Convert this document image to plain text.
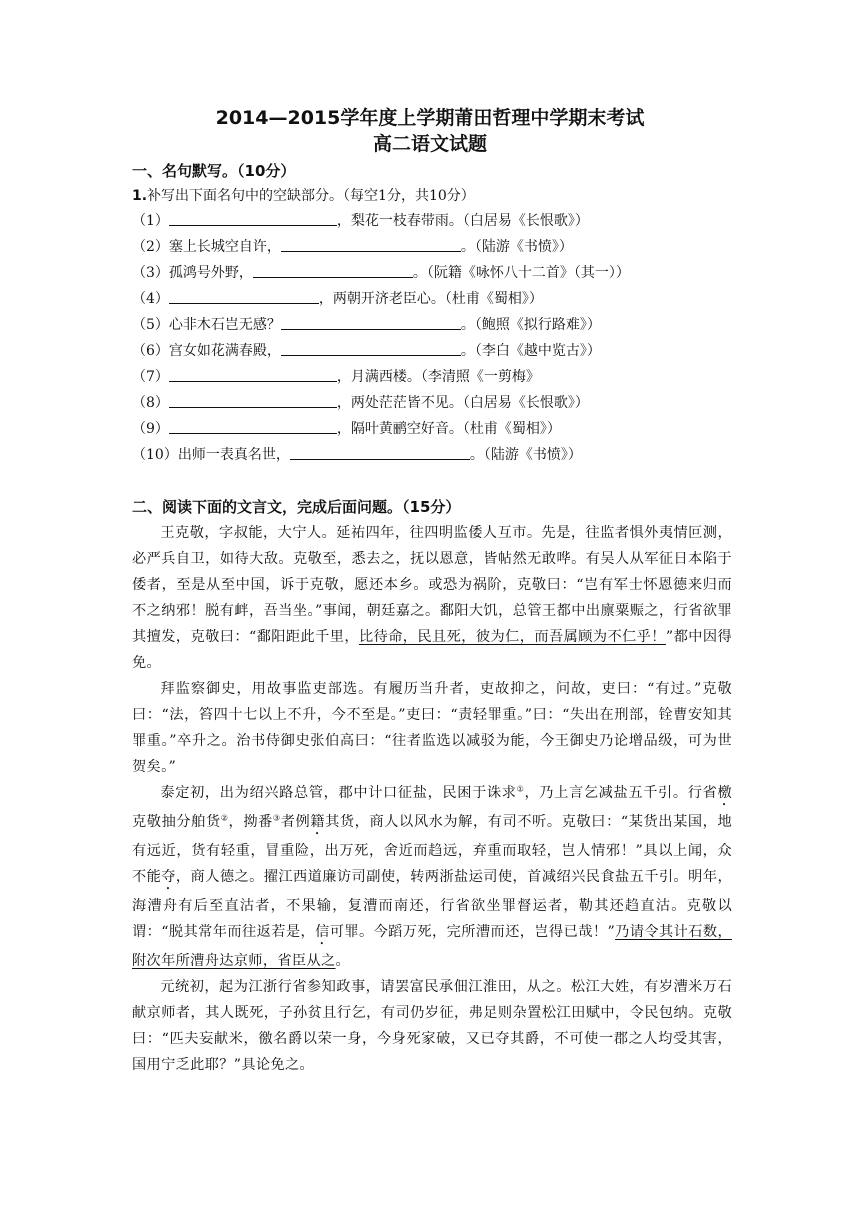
2014—2015学年度上学期莆田哲理中学期末考试
高二语文试题
一、名句默写。（10分）
1.补写出下面名句中的空缺部分。（每空1分，共10分）
（1）	，梨花一枝春带雨。（白居易《长恨歌》）
（2）塞上长城空自许，	。（陆游《书愤》）
（3）孤鸿号外野，	。（阮籍《咏怀八十二首》（其一））
（4）	，两朝开济老臣心。（杜甫《蜀相》）
（5）心非木石岂无感？	。（鲍照《拟行路难》）
（6）宫女如花满春殿，	。（李白《越中览古》）
（7）	，月满西楼。（李清照《一剪梅》
（8）	，两处茫茫皆不见。（白居易《长恨歌》）
（9）	，隔叶黄鹂空好音。（杜甫《蜀相》）
（10）出师一表真名世，	。（陆游《书愤》）
二、阅读下面的文言文，完成后面问题。（15分）

王克敬，字叔能，大宁人。延祐四年，往四明监倭人互市。先是，往监者惧外夷情叵测，必严兵自卫，如待大敌。克敬至，悉去之，抚以恩意，皆帖然无敢哗。有吴人从军征日本陷于倭者，至是从至中国，诉于克敬，愿还本乡。或恐为祸阶，克敬曰：“岂有军士怀恩德来归而不之纳邪！脱有衅，吾当坐。”事闻，朝廷嘉之。鄱阳大饥，总管王都中出廪粟赈之，行省欲罪其擅发，克敬曰：“鄱阳距此千里，比待命，民且死，彼为仁，而吾属顾为不仁乎！”都中因得免。

拜监察御史，用故事监吏部选。有履历当升者，吏故抑之，问故，吏曰：“有过。”克敬曰：“法，笞四十七以上不升，今不至是。”吏曰：“责轻罪重。”曰：“失出在刑部，铨曹安知其罪重。”卒升之。治书侍御史张伯高曰：“往者监选以减驳为能，今王御史乃论增品级，可为世贺矣。”

泰定初，出为绍兴路总管，郡中计口征盐，民困于诛求①，乃上言乞减盐五千引。行省檄克敬抽分舶货②，拗番③者例籍其货，商人以风水为解，有司不听。克敬曰：“某货出某国，地有远近，货有轻重，冒重险，出万死，舍近而趋远，弃重而取轻，岂人情邪！”具以上闻，众不能夺，商人德之。擢江西道廉访司副使，转两浙盐运司使，首减绍兴民食盐五千引。明年，海漕舟有后至直沽者，不果输，复漕而南还，行省欲坐罪督运者，勒其还趋直沽。克敬以谓：“脱其常年而往返若是，信可罪。今蹈万死，完所漕而还，岂得已哉！”乃请令其计石数，附次年所漕舟达京师，省臣从之。

元统初，起为江浙行省参知政事，请罢富民承佃江淮田，从之。松江大姓，有岁漕米万石献京师者，其人既死，子孙贫且行乞，有司仍岁征，弗足则杂置松江田赋中，令民包纳。克敬曰：“匹夫妄献米，徼名爵以荣一身，今身死家破，又已夺其爵，不可使一郡之人均受其害，国用宁乏此耶？”具论免之。
